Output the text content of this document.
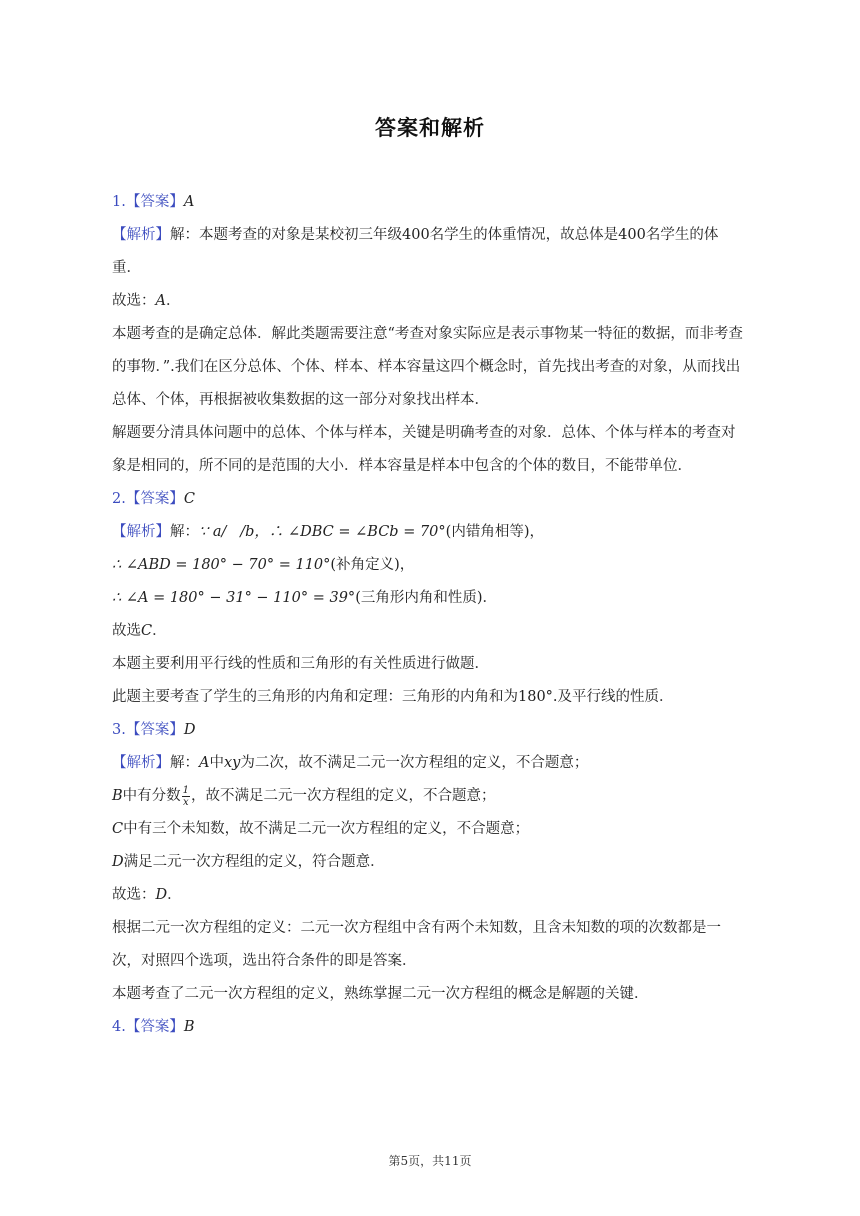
答案和解析
1.【答案】A
【解析】解：本题考查的对象是某校初三年级400名学生的体重情况，故总体是400名学生的体
重．
故选：A．
本题考查的是确定总体．解此类题需要注意“考查对象实际应是表示事物某一特征的数据，而非考查的事物．”.我们在区分总体、个体、样本、样本容量这四个概念时，首先找出考查的对象，从而找出总体、个体，再根据被收集数据的这一部分对象找出样本．
解题要分清具体问题中的总体、个体与样本，关键是明确考查的对象．总体、个体与样本的考查对象是相同的，所不同的是范围的大小．样本容量是样本中包含的个体的数目，不能带单位．
2.【答案】C
【解析】解：∵ a/   /b，∴ ∠DBC = ∠BCb = 70°(内错角相等)，
∴ ∠ABD = 180° − 70° = 110°(补角定义)，
∴ ∠A = 180° − 31° − 110° = 39°(三角形内角和性质)．
故选C．
本题主要利用平行线的性质和三角形的有关性质进行做题．
此题主要考查了学生的三角形的内角和定理：三角形的内角和为180°.及平行线的性质．
3.【答案】D
【解析】解：A中xy为二次，故不满足二元一次方程组的定义，不合题意；
B中有分数 $\frac{1}{x}$ ，故不满足二元一次方程组的定义，不合题意；
C中有三个未知数，故不满足二元一次方程组的定义，不合题意；
D满足二元一次方程组的定义，符合题意．
故选：D．
根据二元一次方程组的定义：二元一次方程组中含有两个未知数，且含未知数的项的次数都是一次，对照四个选项，选出符合条件的即是答案．
本题考查了二元一次方程组的定义，熟练掌握二元一次方程组的概念是解题的关键．
4.【答案】B
第5页，共11页
